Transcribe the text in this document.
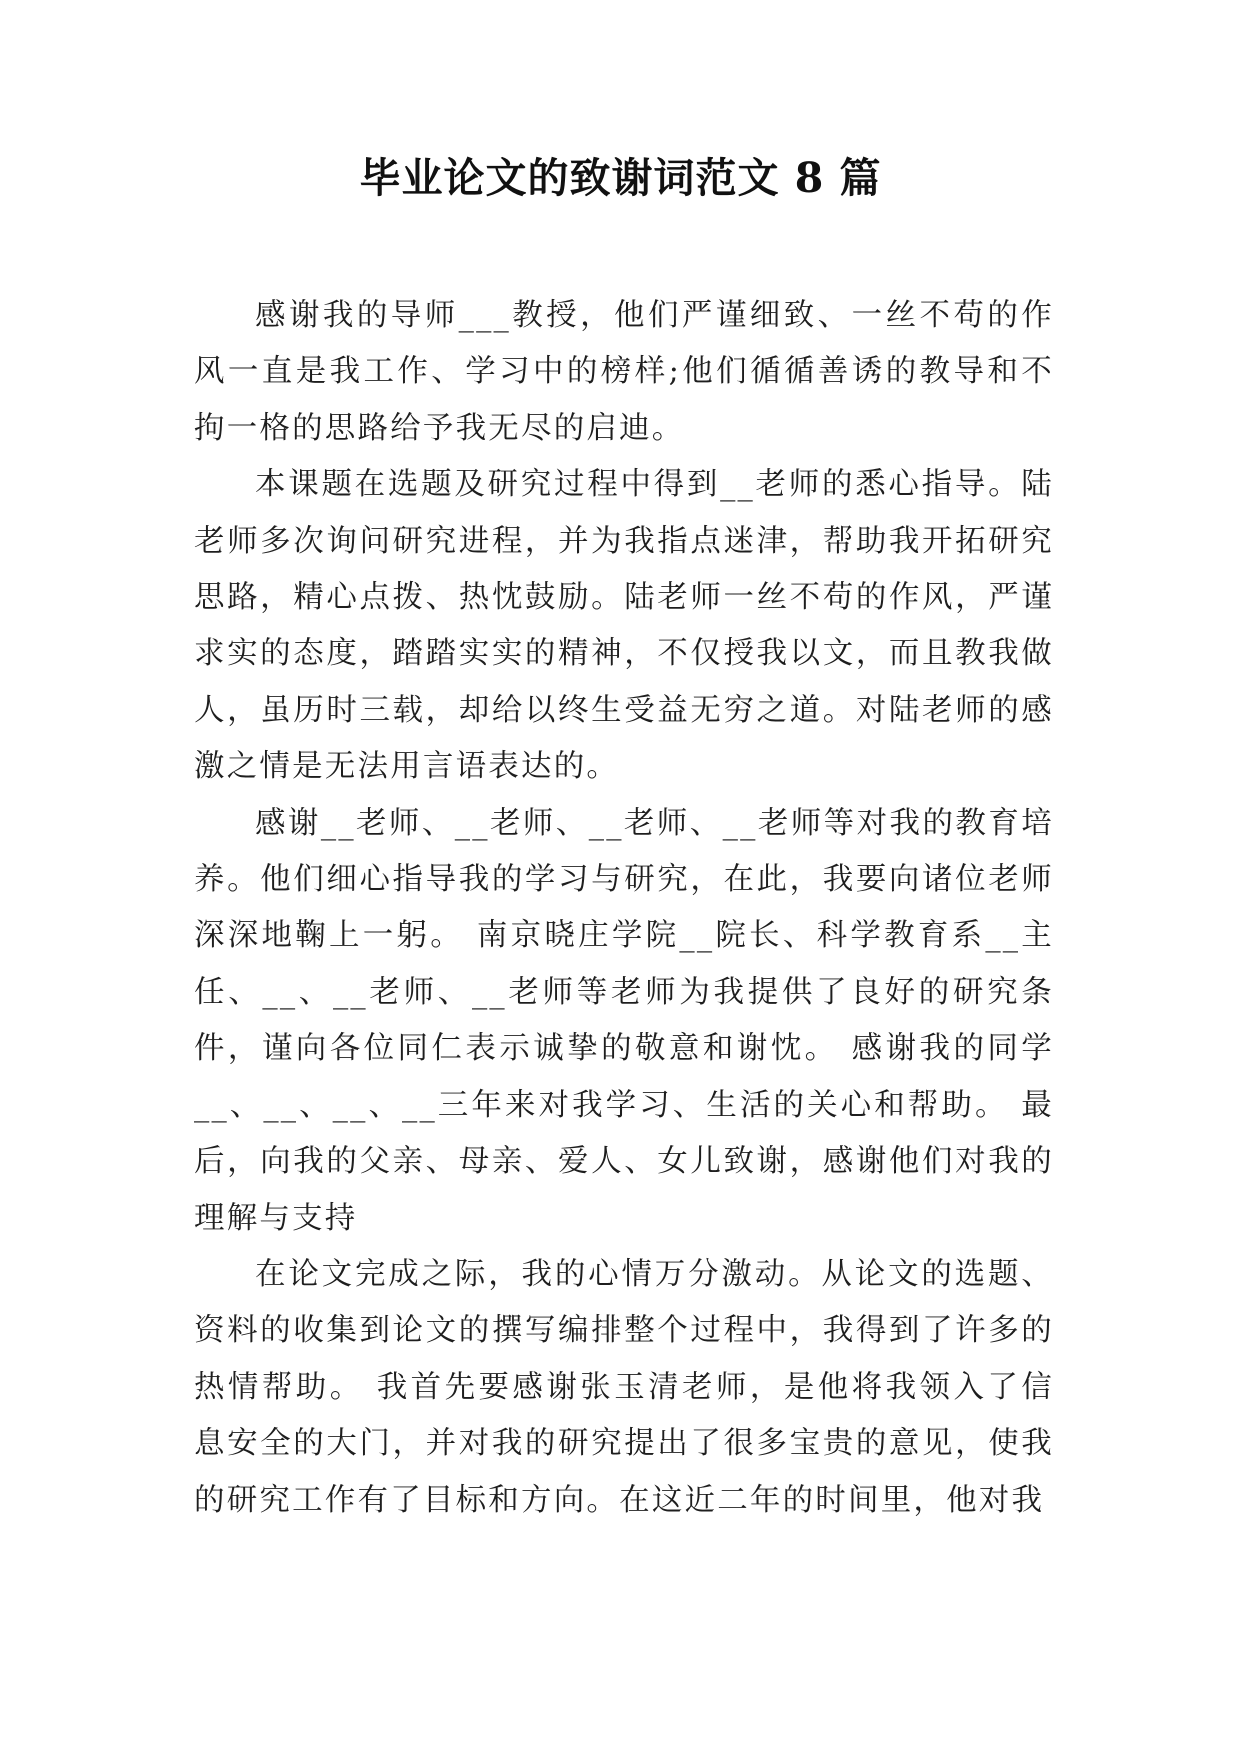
毕业论文的致谢词范文 8 篇

感谢我的导师___教授，他们严谨细致、一丝不苟的作风一直是我工作、学习中的榜样;他们循循善诱的教导和不拘一格的思路给予我无尽的启迪。

本课题在选题及研究过程中得到__老师的悉心指导。陆老师多次询问研究进程，并为我指点迷津，帮助我开拓研究思路，精心点拨、热忱鼓励。陆老师一丝不苟的作风，严谨求实的态度，踏踏实实的精神，不仅授我以文，而且教我做人，虽历时三载，却给以终生受益无穷之道。对陆老师的感激之情是无法用言语表达的。

感谢__老师、__老师、__老师、__老师等对我的教育培养。他们细心指导我的学习与研究，在此，我要向诸位老师深深地鞠上一躬。 南京晓庄学院__院长、科学教育系__主任、__、__老师、__老师等老师为我提供了良好的研究条件，谨向各位同仁表示诚挚的敬意和谢忱。 感谢我的同学__、__、__、__三年来对我学习、生活的关心和帮助。 最后，向我的父亲、母亲、爱人、女儿致谢，感谢他们对我的理解与支持

在论文完成之际，我的心情万分激动。从论文的选题、资料的收集到论文的撰写编排整个过程中，我得到了许多的热情帮助。 我首先要感谢张玉清老师，是他将我领入了信息安全的大门，并对我的研究提出了很多宝贵的意见，使我的研究工作有了目标和方向。在这近二年的时间里，他对我
